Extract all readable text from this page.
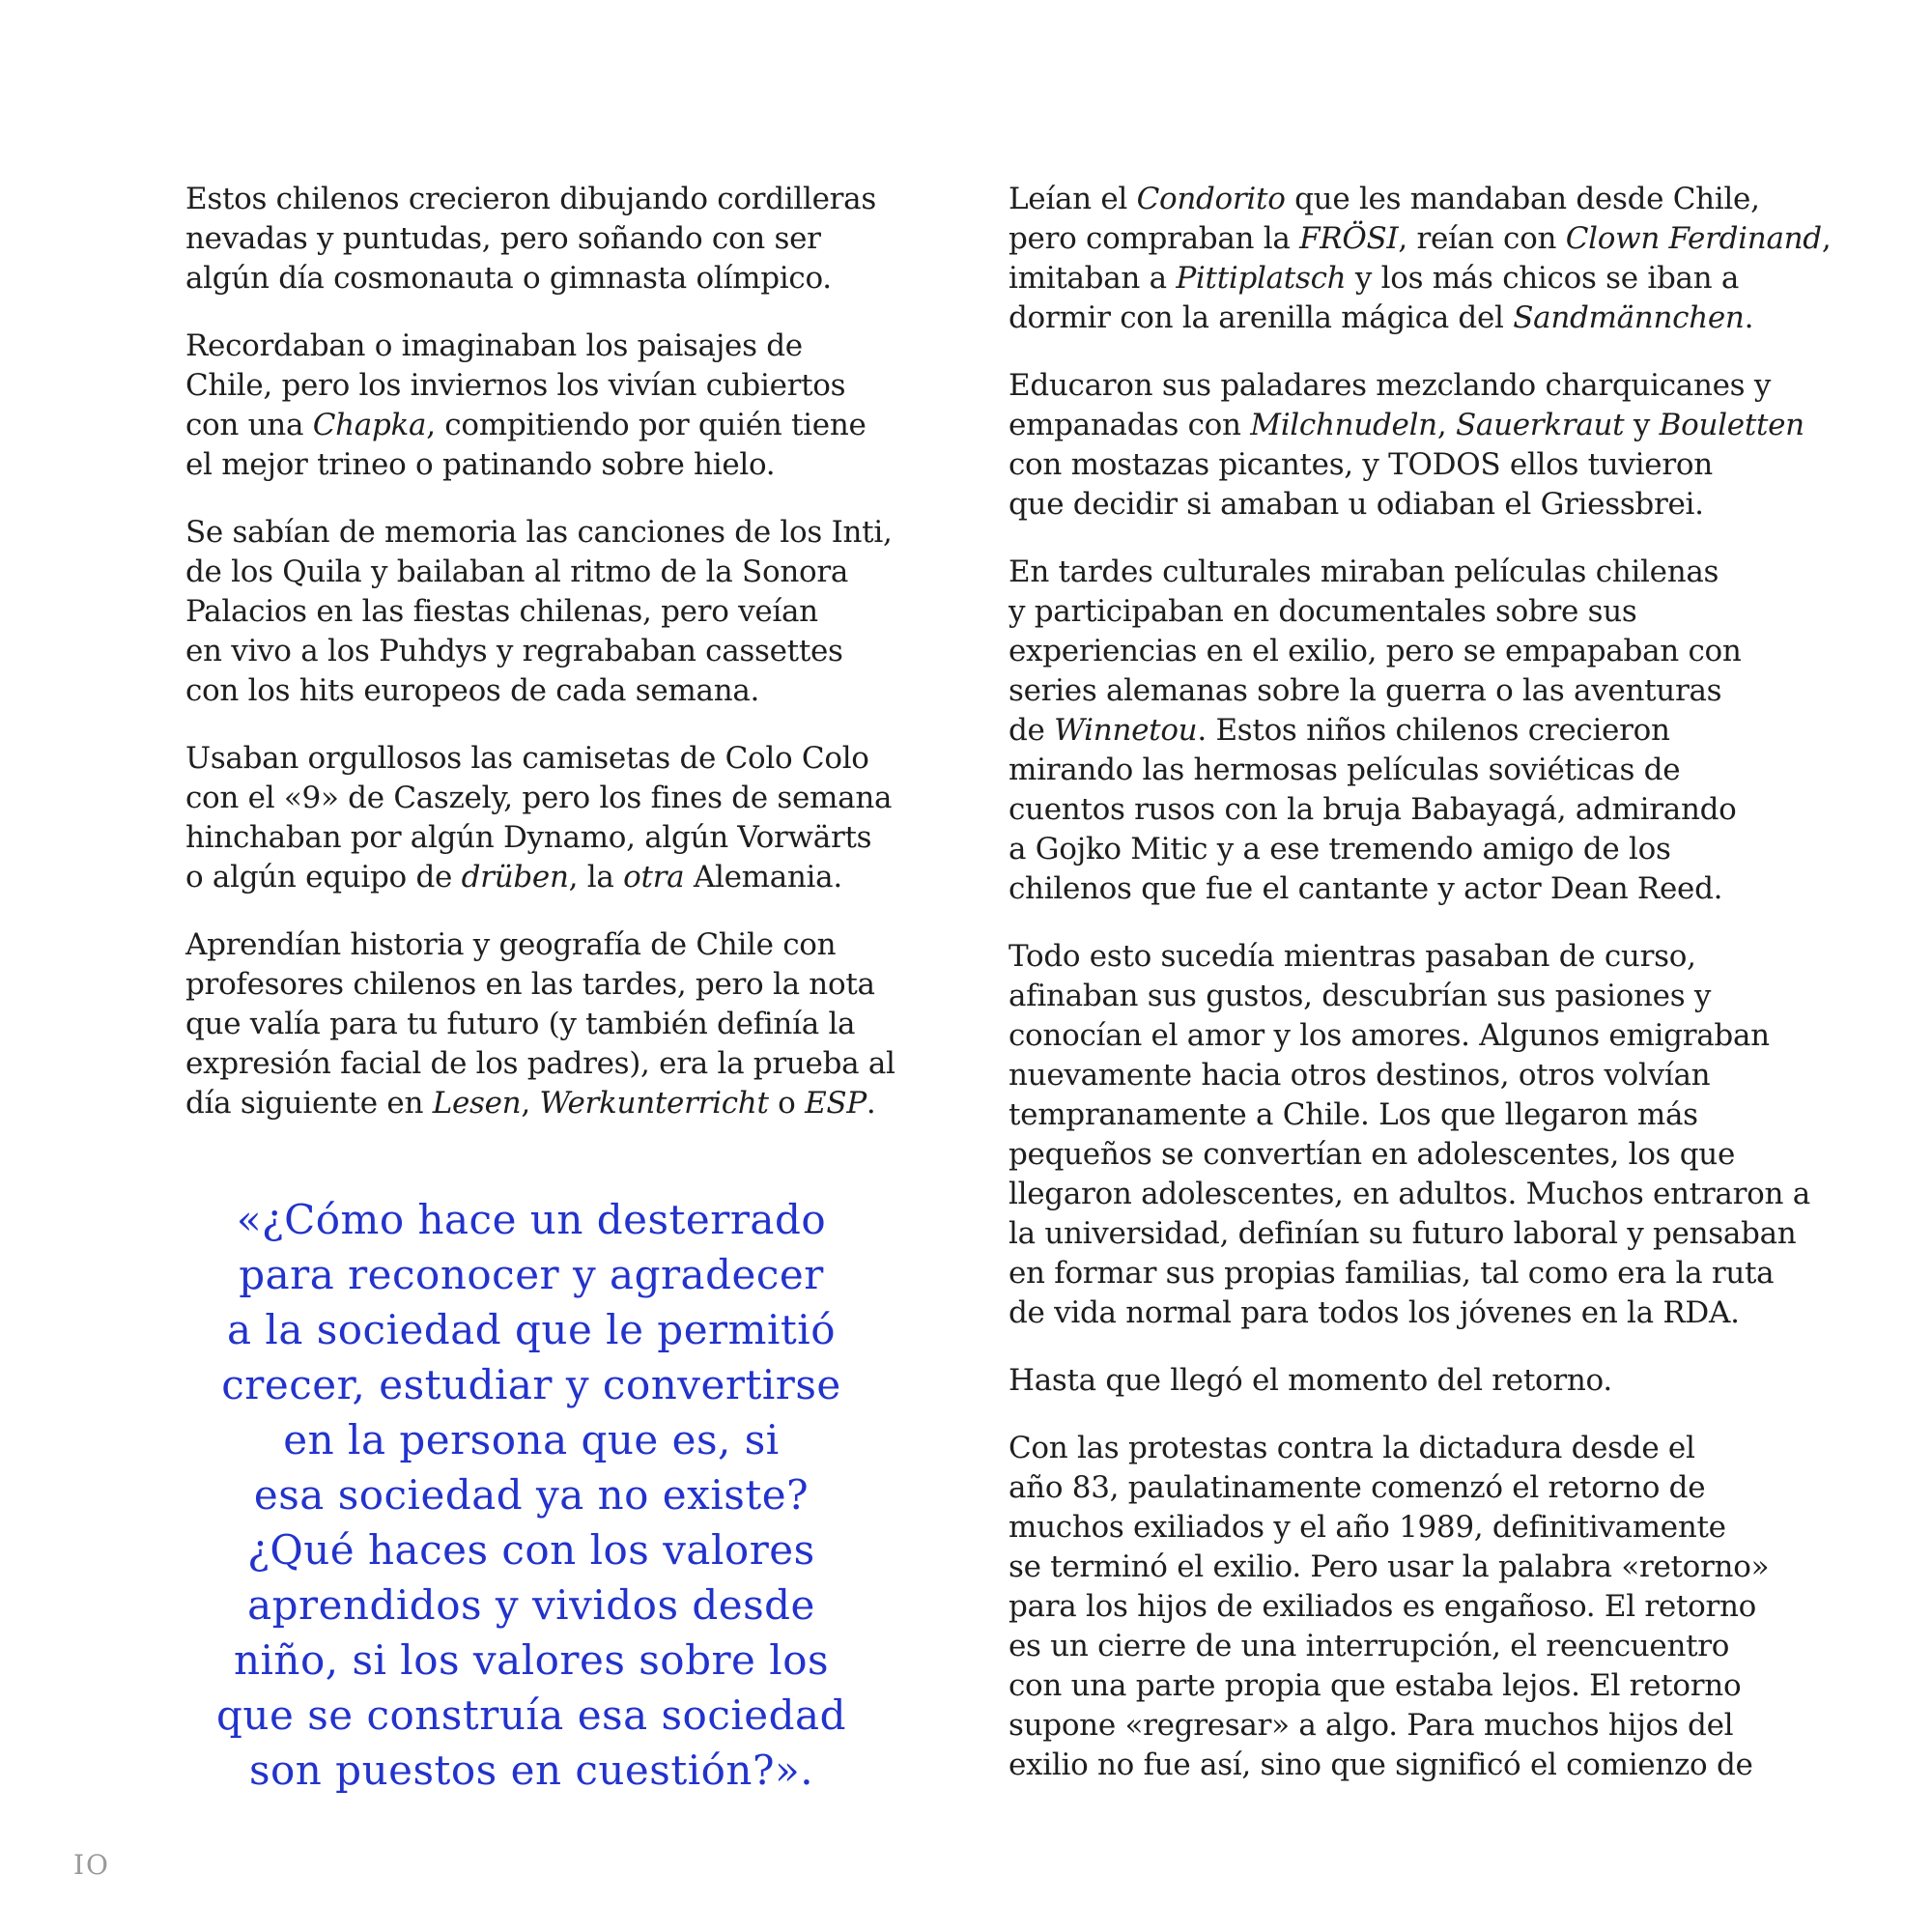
Estos chilenos crecieron dibujando cordilleras
nevadas y puntudas, pero soñando con ser
algún día cosmonauta o gimnasta olímpico.

Recordaban o imaginaban los paisajes de
Chile, pero los inviernos los vivían cubiertos
con una Chapka, compitiendo por quién tiene
el mejor trineo o patinando sobre hielo.

Se sabían de memoria las canciones de los Inti,
de los Quila y bailaban al ritmo de la Sonora
Palacios en las fiestas chilenas, pero veían
en vivo a los Puhdys y regrababan cassettes
con los hits europeos de cada semana.

Usaban orgullosos las camisetas de Colo Colo
con el «9» de Caszely, pero los fines de semana
hinchaban por algún Dynamo, algún Vorwärts
o algún equipo de drüben, la otra Alemania.

Aprendían historia y geografía de Chile con
profesores chilenos en las tardes, pero la nota
que valía para tu futuro (y también definía la
expresión facial de los padres), era la prueba al
día siguiente en Lesen, Werkunterricht o ESP.

«¿Cómo hace un desterrado
para reconocer y agradecer
a la sociedad que le permitió
crecer, estudiar y convertirse
en la persona que es, si
esa sociedad ya no existe?
¿Qué haces con los valores
aprendidos y vividos desde
niño, si los valores sobre los
que se construía esa sociedad
son puestos en cuestión?».

Leían el Condorito que les mandaban desde Chile,
pero compraban la FRÖSI, reían con Clown Ferdinand,
imitaban a Pittiplatsch y los más chicos se iban a
dormir con la arenilla mágica del Sandmännchen.

Educaron sus paladares mezclando charquicanes y
empanadas con Milchnudeln, Sauerkraut y Bouletten
con mostazas picantes, y TODOS ellos tuvieron
que decidir si amaban u odiaban el Griessbrei.

En tardes culturales miraban películas chilenas
y participaban en documentales sobre sus
experiencias en el exilio, pero se empapaban con
series alemanas sobre la guerra o las aventuras
de Winnetou. Estos niños chilenos crecieron
mirando las hermosas películas soviéticas de
cuentos rusos con la bruja Babayagá, admirando
a Gojko Mitic y a ese tremendo amigo de los
chilenos que fue el cantante y actor Dean Reed.

Todo esto sucedía mientras pasaban de curso,
afinaban sus gustos, descubrían sus pasiones y
conocían el amor y los amores. Algunos emigraban
nuevamente hacia otros destinos, otros volvían
tempranamente a Chile. Los que llegaron más
pequeños se convertían en adolescentes, los que
llegaron adolescentes, en adultos. Muchos entraron a
la universidad, definían su futuro laboral y pensaban
en formar sus propias familias, tal como era la ruta
de vida normal para todos los jóvenes en la RDA.

Hasta que llegó el momento del retorno.

Con las protestas contra la dictadura desde el
año 83, paulatinamente comenzó el retorno de
muchos exiliados y el año 1989, definitivamente
se terminó el exilio. Pero usar la palabra «retorno»
para los hijos de exiliados es engañoso. El retorno
es un cierre de una interrupción, el reencuentro
con una parte propia que estaba lejos. El retorno
supone «regresar» a algo. Para muchos hijos del
exilio no fue así, sino que significó el comienzo de

IO
